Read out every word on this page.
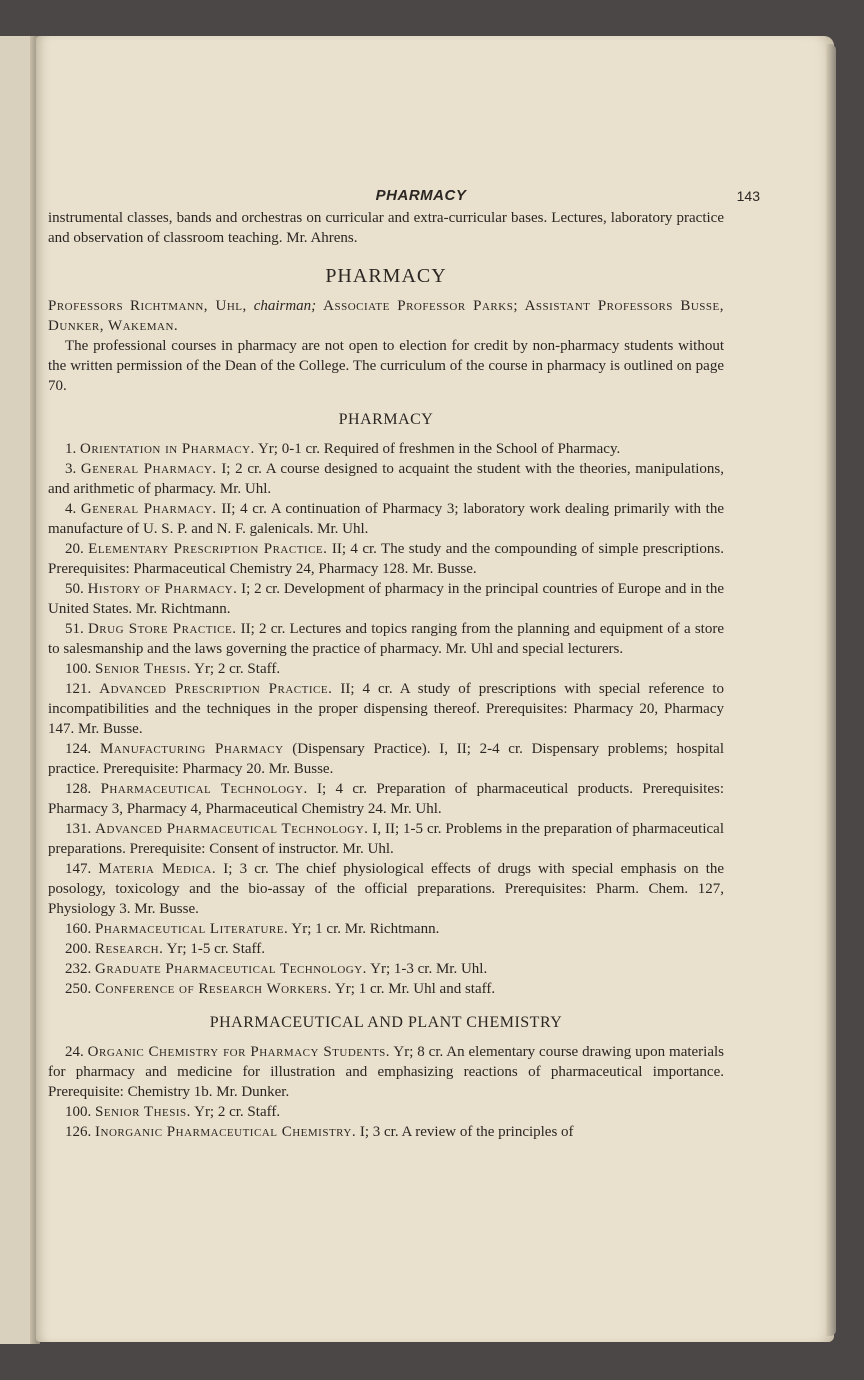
PHARMACY	143

instrumental classes, bands and orchestras on curricular and extra-curricular bases. Lectures, laboratory practice and observation of classroom teaching. Mr. Ahrens.

PHARMACY

Professors Richtmann, Uhl, chairman; Associate Professor Parks; Assistant Professors Busse, Dunker, Wakeman.

The professional courses in pharmacy are not open to election for credit by non-pharmacy students without the written permission of the Dean of the College. The curriculum of the course in pharmacy is outlined on page 70.

PHARMACY

1. Orientation in Pharmacy. Yr; 0-1 cr. Required of freshmen in the School of Pharmacy.

3. General Pharmacy. I; 2 cr. A course designed to acquaint the student with the theories, manipulations, and arithmetic of pharmacy. Mr. Uhl.

4. General Pharmacy. II; 4 cr. A continuation of Pharmacy 3; laboratory work dealing primarily with the manufacture of U. S. P. and N. F. galenicals. Mr. Uhl.

20. Elementary Prescription Practice. II; 4 cr. The study and the compounding of simple prescriptions. Prerequisites: Pharmaceutical Chemistry 24, Pharmacy 128. Mr. Busse.

50. History of Pharmacy. I; 2 cr. Development of pharmacy in the principal countries of Europe and in the United States. Mr. Richtmann.

51. Drug Store Practice. II; 2 cr. Lectures and topics ranging from the planning and equipment of a store to salesmanship and the laws governing the practice of pharmacy. Mr. Uhl and special lecturers.

100. Senior Thesis. Yr; 2 cr. Staff.

121. Advanced Prescription Practice. II; 4 cr. A study of prescriptions with special reference to incompatibilities and the techniques in the proper dispensing thereof. Prerequisites: Pharmacy 20, Pharmacy 147. Mr. Busse.

124. Manufacturing Pharmacy (Dispensary Practice). I, II; 2-4 cr. Dispensary problems; hospital practice. Prerequisite: Pharmacy 20. Mr. Busse.

128. Pharmaceutical Technology. I; 4 cr. Preparation of pharmaceutical products. Prerequisites: Pharmacy 3, Pharmacy 4, Pharmaceutical Chemistry 24. Mr. Uhl.

131. Advanced Pharmaceutical Technology. I, II; 1-5 cr. Problems in the preparation of pharmaceutical preparations. Prerequisite: Consent of instructor. Mr. Uhl.

147. Materia Medica. I; 3 cr. The chief physiological effects of drugs with special emphasis on the posology, toxicology and the bio-assay of the official preparations. Prerequisites: Pharm. Chem. 127, Physiology 3. Mr. Busse.

160. Pharmaceutical Literature. Yr; 1 cr. Mr. Richtmann.

200. Research. Yr; 1-5 cr. Staff.

232. Graduate Pharmaceutical Technology. Yr; 1-3 cr. Mr. Uhl.

250. Conference of Research Workers. Yr; 1 cr. Mr. Uhl and staff.

PHARMACEUTICAL AND PLANT CHEMISTRY

24. Organic Chemistry for Pharmacy Students. Yr; 8 cr. An elementary course drawing upon materials for pharmacy and medicine for illustration and emphasizing reactions of pharmaceutical importance. Prerequisite: Chemistry 1b. Mr. Dunker.

100. Senior Thesis. Yr; 2 cr. Staff.

126. Inorganic Pharmaceutical Chemistry. I; 3 cr. A review of the principles of
